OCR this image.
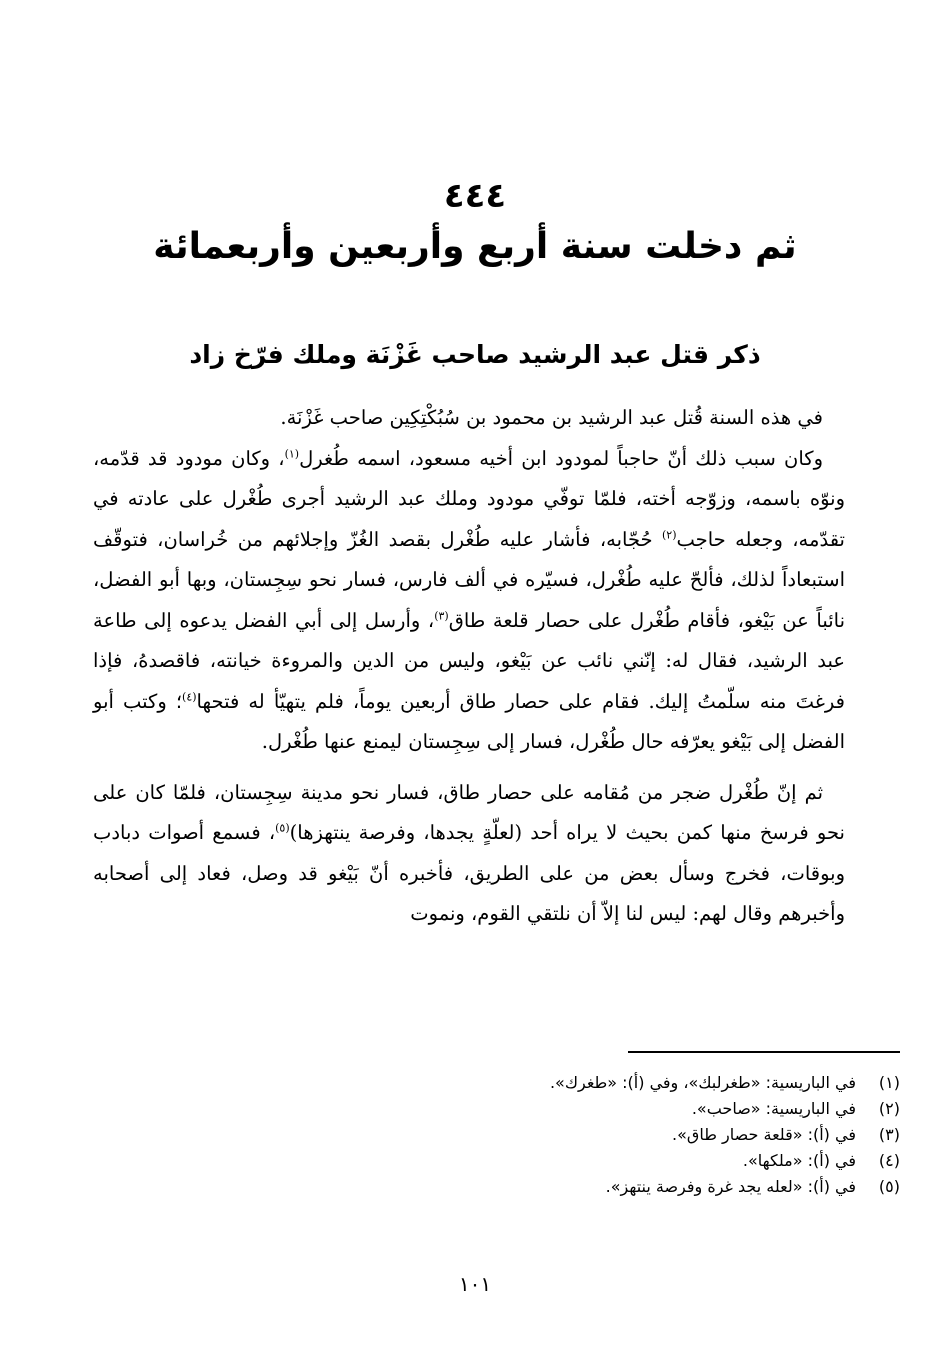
٤٤٤
ثم دخلت سنة أربع وأربعين وأربعمائة
ذكر قتل عبد الرشيد صاحب غَزْنَة وملك فرّخ زاد

في هذه السنة قُتل عبد الرشيد بن محمود بن سُبُكْتِكِين صاحب غَزْنَة.

وكان سبب ذلك أنّ حاجباً لمودود ابن أخيه مسعود، اسمه طُغرل$^{(١)}$، وكان مودود قد قدّمه، ونوّه باسمه، وزوّجه أخته، فلمّا توفّي مودود وملك عبد الرشيد أجرى طُغْرل على عادته في تقدّمه، وجعله حاجب$^{(٢)}$ حُجّابه، فأشار عليه طُغْرل بقصد الغُزّ وإجلائهم من خُراسان، فتوقّف استبعاداً لذلك، فألحّ عليه طُغْرل، فسيّره في ألف فارس، فسار نحو سِجِستان، وبها أبو الفضل، نائباً عن بَيْغو، فأقام طُغْرل على حصار قلعة طاق$^{(٣)}$، وأرسل إلى أبي الفضل يدعوه إلى طاعة عبد الرشيد، فقال له: إنّني نائب عن بَيْغو، وليس من الدين والمروءة خيانته، فاقصدهُ، فإذا فرغتَ منه سلّمتُ إليك. فقام على حصار طاق أربعين يوماً، فلم يتهيّأ له فتحها$^{(٤)}$؛ وكتب أبو الفضل إلى بَيْغو يعرّفه حال طُغْرل، فسار إلى سِجِستان ليمنع عنها طُغْرل.

ثم إنّ طُغْرل ضجر من مُقامه على حصار طاق، فسار نحو مدينة سِجِستان، فلمّا كان على نحو فرسخ منها كمن بحيث لا يراه أحد (لعلّةٍ يجدها، وفرصة ينتهزها)$^{(٥)}$، فسمع أصوات دبادب وبوقات، فخرج وسأل بعض من على الطريق، فأخبره أنّ بَيْغو قد وصل، فعاد إلى أصحابه وأخبرهم وقال لهم: ليس لنا إلاّ أن نلتقي القوم، ونموت

(١)
في الباريسية: «طغرلبك»، وفي (أ): «طغرك».
(٢)
في الباريسية: «صاحب».
(٣)
في (أ): «قلعة حصار طاق».
(٤)
في (أ): «ملكها».
(٥)
في (أ): «لعله يجد غرة وفرصة ينتهز».
١٠١
